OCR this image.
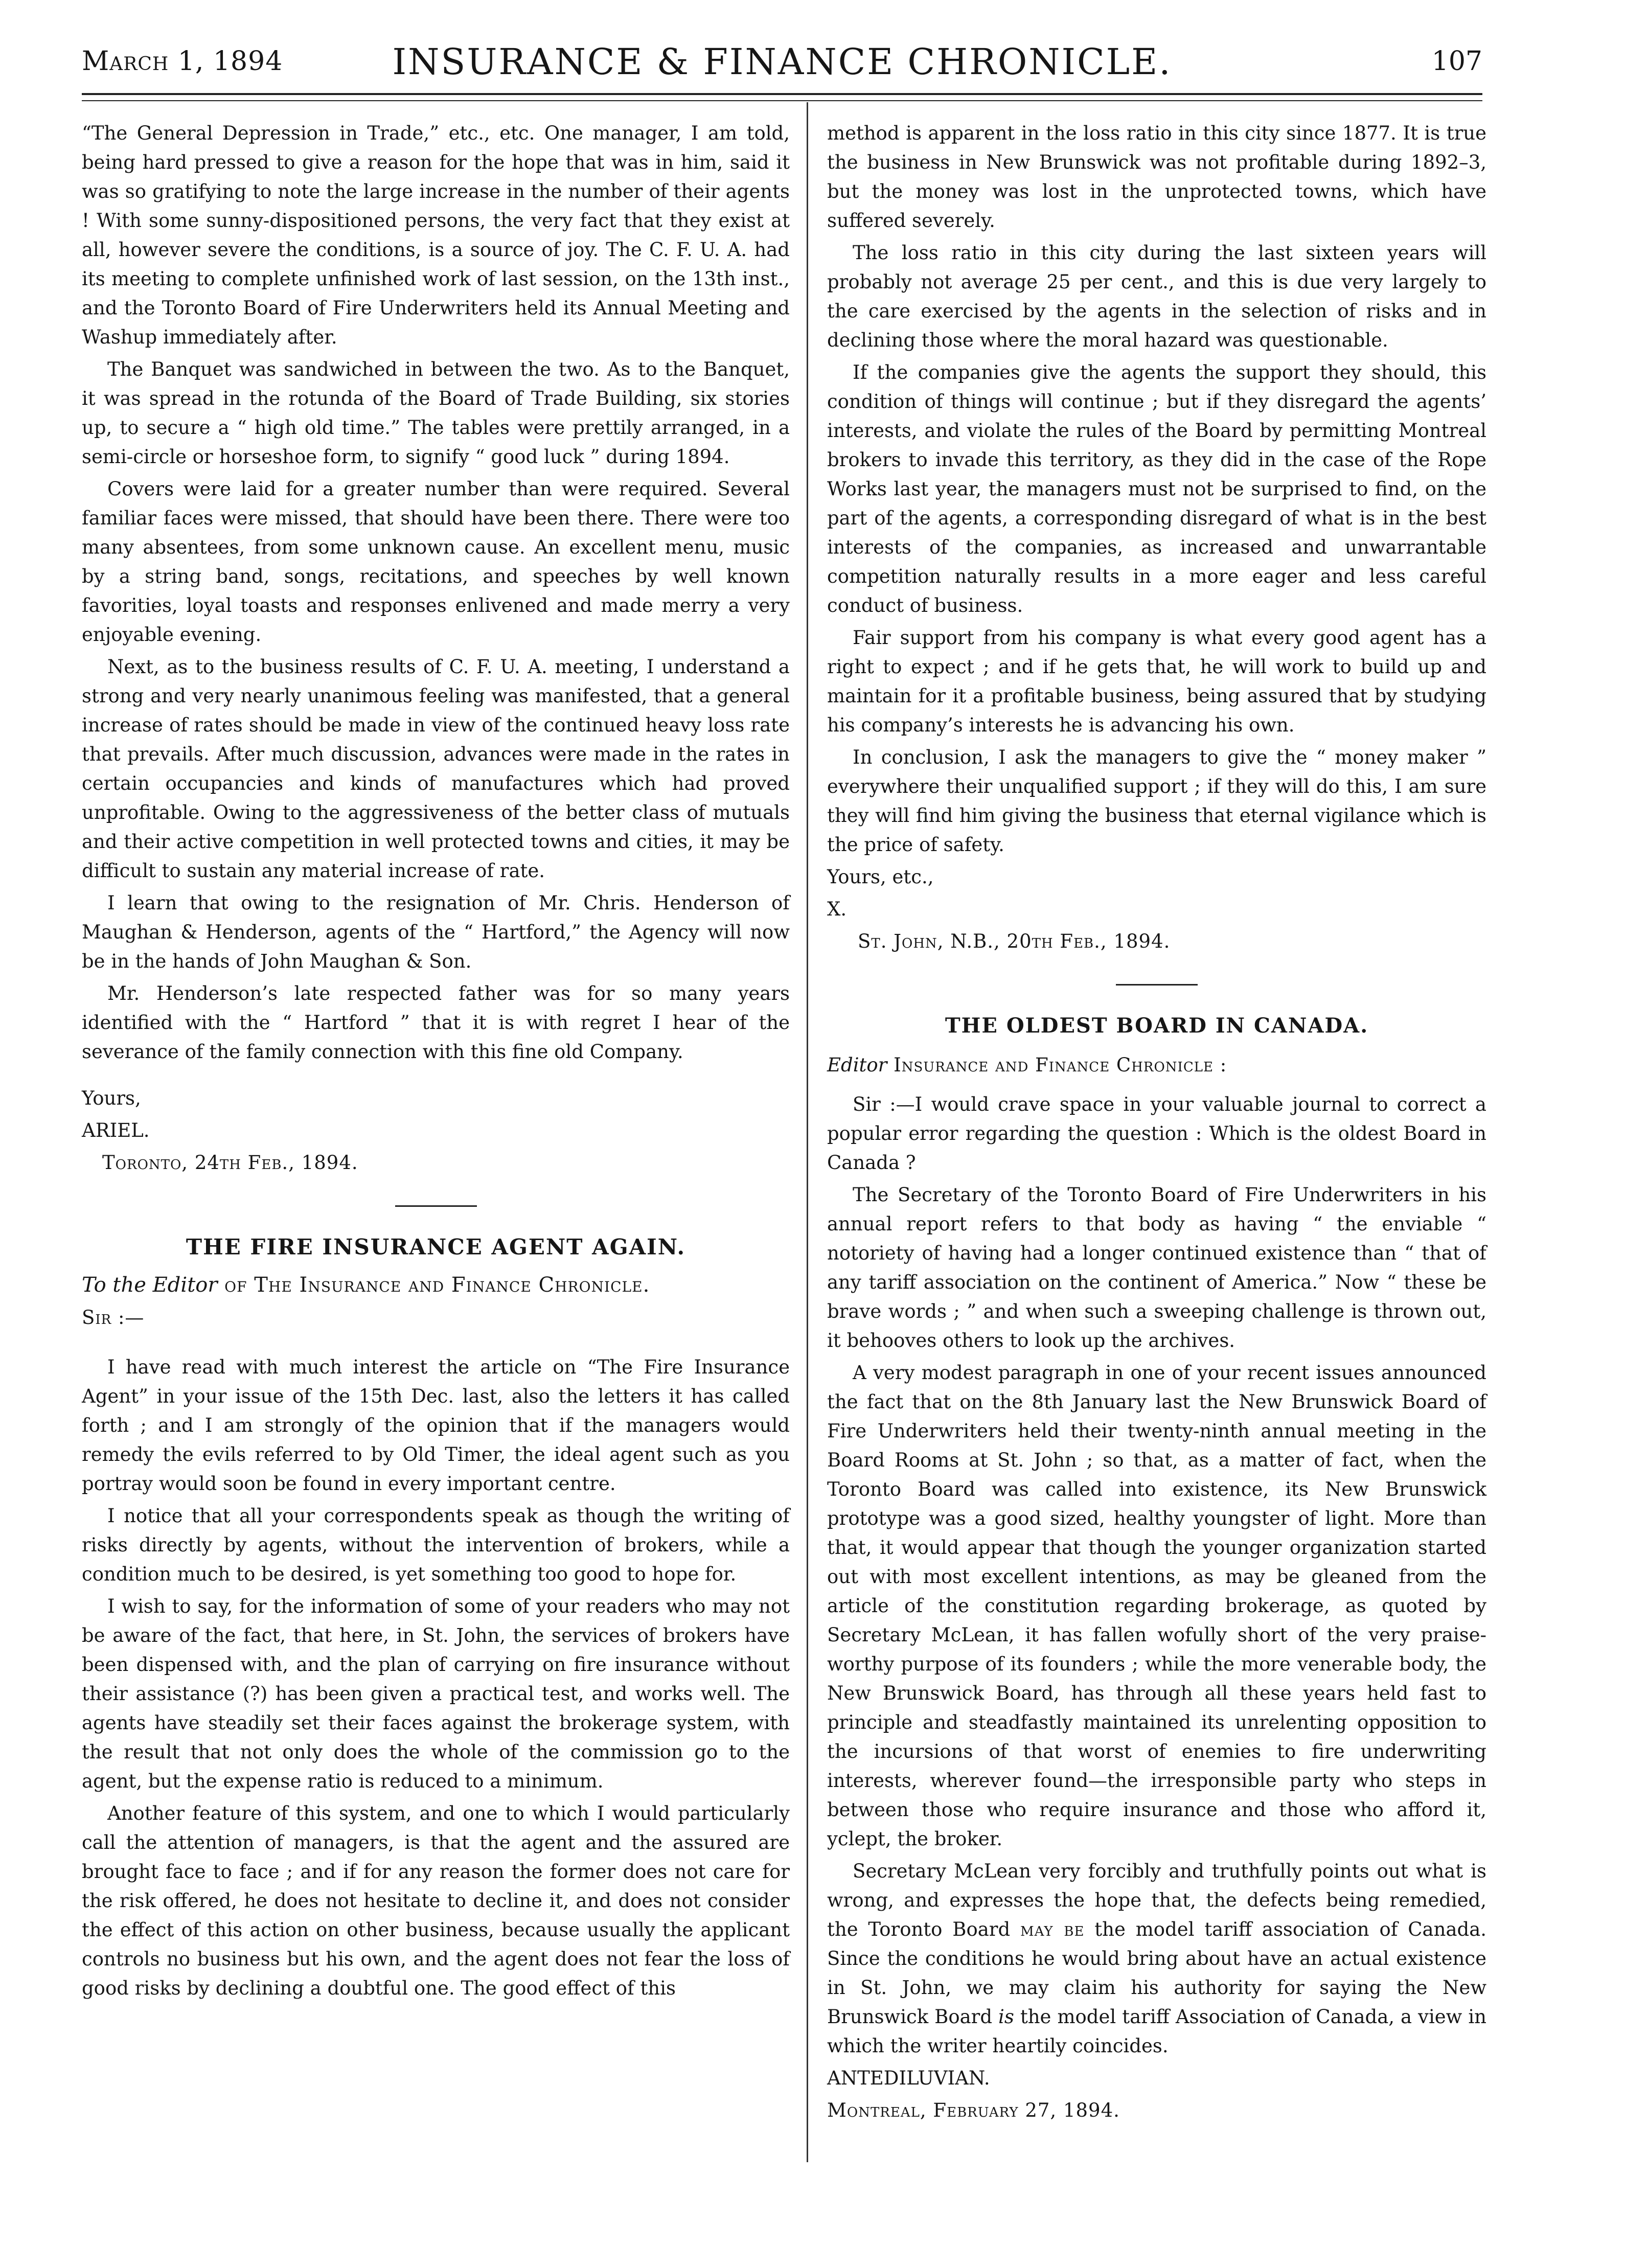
March 1, 1894	INSURANCE & FINANCE CHRONICLE.	107

“The General Depression in Trade,” etc., etc. One manager, I am told, being hard pressed to give a reason for the hope that was in him, said it was so gratifying to note the large increase in the number of their agents ! With some sunny-dispositioned persons, the very fact that they exist at all, however severe the conditions, is a source of joy. The C. F. U. A. had its meeting to complete unfinished work of last session, on the 13th inst., and the Toronto Board of Fire Underwriters held its Annual Meeting and Washup immediately after.

The Banquet was sandwiched in between the two. As to the Banquet, it was spread in the rotunda of the Board of Trade Building, six stories up, to secure a “ high old time.” The tables were prettily arranged, in a semi-circle or horseshoe form, to signify “ good luck ” during 1894.

Covers were laid for a greater number than were required. Several familiar faces were missed, that should have been there. There were too many absentees, from some unknown cause. An excellent menu, music by a string band, songs, recitations, and speeches by well known favorities, loyal toasts and responses enlivened and made merry a very enjoyable evening.

Next, as to the business results of C. F. U. A. meeting, I understand a strong and very nearly unanimous feeling was manifested, that a general increase of rates should be made in view of the continued heavy loss rate that prevails. After much discussion, advances were made in the rates in certain occupancies and kinds of manufactures which had proved unprofitable. Owing to the aggressiveness of the better class of mutuals and their active competition in well protected towns and cities, it may be difficult to sustain any material increase of rate.

I learn that owing to the resignation of Mr. Chris. Henderson of Maughan & Henderson, agents of the “ Hartford,” the Agency will now be in the hands of John Maughan & Son.

Mr. Henderson’s late respected father was for so many years identified with the “ Hartford ” that it is with regret I hear of the severance of the family connection with this fine old Company.

Yours,

ARIEL.

Toronto, 24th Feb., 1894.

THE FIRE INSURANCE AGENT AGAIN.

To the Editor of The Insurance and Finance Chronicle.

Sir :—

I have read with much interest the article on “The Fire Insurance Agent” in your issue of the 15th Dec. last, also the letters it has called forth ; and I am strongly of the opinion that if the managers would remedy the evils referred to by Old Timer, the ideal agent such as you portray would soon be found in every important centre.

I notice that all your correspondents speak as though the writing of risks directly by agents, without the intervention of brokers, while a condition much to be desired, is yet something too good to hope for.

I wish to say, for the information of some of your readers who may not be aware of the fact, that here, in St. John, the services of brokers have been dispensed with, and the plan of carrying on fire insurance without their assistance (?) has been given a practical test, and works well. The agents have steadily set their faces against the brokerage system, with the result that not only does the whole of the commission go to the agent, but the expense ratio is reduced to a minimum.

Another feature of this system, and one to which I would particularly call the attention of managers, is that the agent and the assured are brought face to face ; and if for any reason the former does not care for the risk offered, he does not hesitate to decline it, and does not consider the effect of this action on other business, because usually the applicant controls no business but his own, and the agent does not fear the loss of good risks by declining a doubtful one. The good effect of this

method is apparent in the loss ratio in this city since 1877. It is true the business in New Brunswick was not profitable during 1892–3, but the money was lost in the unprotected towns, which have suffered severely.

The loss ratio in this city during the last sixteen years will probably not average 25 per cent., and this is due very largely to the care exercised by the agents in the selection of risks and in declining those where the moral hazard was questionable.

If the companies give the agents the support they should, this condition of things will continue ; but if they disregard the agents’ interests, and violate the rules of the Board by permitting Montreal brokers to invade this territory, as they did in the case of the Rope Works last year, the managers must not be surprised to find, on the part of the agents, a corresponding disregard of what is in the best interests of the companies, as increased and unwarrantable competition naturally results in a more eager and less careful conduct of business.

Fair support from his company is what every good agent has a right to expect ; and if he gets that, he will work to build up and maintain for it a profitable business, being assured that by studying his company’s interests he is advancing his own.

In conclusion, I ask the managers to give the “ money maker ” everywhere their unqualified support ; if they will do this, I am sure they will find him giving the business that eternal vigilance which is the price of safety.

Yours, etc.,

X.

St. John, N.B., 20th Feb., 1894.

THE OLDEST BOARD IN CANADA.

Editor Insurance and Finance Chronicle :

Sir :—I would crave space in your valuable journal to correct a popular error regarding the question : Which is the oldest Board in Canada ?

The Secretary of the Toronto Board of Fire Underwriters in his annual report refers to that body as having “ the enviable “ notoriety of having had a longer continued existence than “ that of any tariff association on the continent of America.” Now “ these be brave words ; ” and when such a sweeping challenge is thrown out, it behooves others to look up the archives.

A very modest paragraph in one of your recent issues announced the fact that on the 8th January last the New Brunswick Board of Fire Underwriters held their twenty-ninth annual meeting in the Board Rooms at St. John ; so that, as a matter of fact, when the Toronto Board was called into existence, its New Brunswick prototype was a good sized, healthy youngster of light. More than that, it would appear that though the younger organization started out with most excellent intentions, as may be gleaned from the article of the constitution regarding brokerage, as quoted by Secretary McLean, it has fallen wofully short of the very praise-worthy purpose of its founders ; while the more venerable body, the New Brunswick Board, has through all these years held fast to principle and steadfastly maintained its unrelenting opposition to the incursions of that worst of enemies to fire underwriting interests, wherever found—the irresponsible party who steps in between those who require insurance and those who afford it, yclept, the broker.

Secretary McLean very forcibly and truthfully points out what is wrong, and expresses the hope that, the defects being remedied, the Toronto Board may be the model tariff association of Canada. Since the conditions he would bring about have an actual existence in St. John, we may claim his authority for saying the New Brunswick Board is the model tariff Association of Canada, a view in which the writer heartily coincides.

ANTEDILUVIAN.

Montreal, February 27, 1894.
